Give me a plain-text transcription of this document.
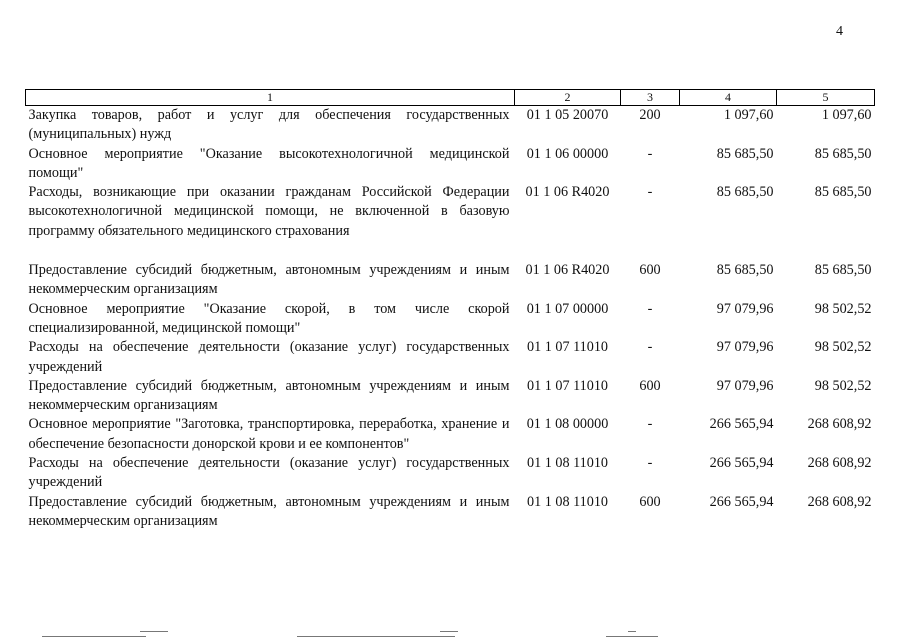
4
1	2	3	4	5
Закупка товаров, работ и услуг для обеспечения государственных (муниципальных) нужд	01 1 05 20070	200	1 097,60	1 097,60
Основное мероприятие "Оказание высокотехнологичной медицинской помощи"	01 1 06 00000	-	85 685,50	85 685,50
Расходы, возникающие при оказании гражданам Российской Федерации высокотехнологичной медицинской помощи, не включенной в базовую программу обязательного медицинского страхования	01 1 06 R4020	-	85 685,50	85 685,50

Предоставление субсидий бюджетным, автономным учреждениям и иным некоммерческим организациям	01 1 06 R4020	600	85 685,50	85 685,50
Основное мероприятие "Оказание скорой, в том числе скорой специализированной, медицинской помощи"	01 1 07 00000	-	97 079,96	98 502,52
Расходы на обеспечение деятельности (оказание услуг) государственных учреждений	01 1 07 11010	-	97 079,96	98 502,52
Предоставление субсидий бюджетным, автономным учреждениям и иным некоммерческим организациям	01 1 07 11010	600	97 079,96	98 502,52
Основное мероприятие "Заготовка, транспортировка, переработка, хранение и обеспечение безопасности донорской крови и ее компонентов"	01 1 08 00000	-	266 565,94	268 608,92
Расходы на обеспечение деятельности (оказание услуг) государственных учреждений	01 1 08 11010	-	266 565,94	268 608,92
Предоставление субсидий бюджетным, автономным учреждениям и иным некоммерческим организациям	01 1 08 11010	600	266 565,94	268 608,92
